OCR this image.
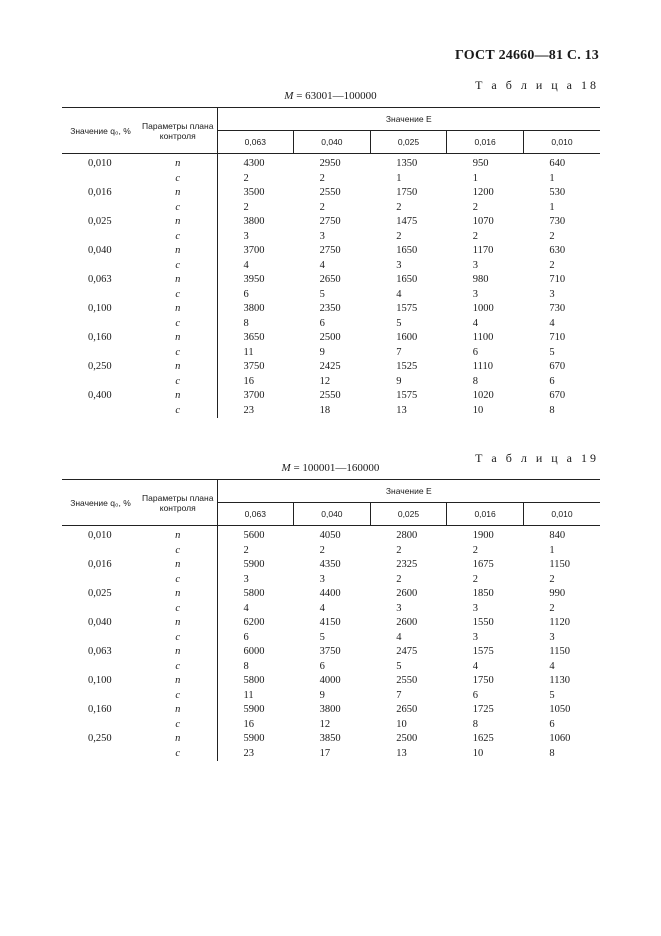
ГОСТ 24660—81 С. 13
Т а б л и ц а 18
M = 63001—100000
Значение q₀, %	Параметры плана контроля	Значение E				
		0,063	0,040	0,025	0,016	0,010
0,010	n	4300	2950	1350	950	640
	c	2	2	1	1	1
0,016	n	3500	2550	1750	1200	530
	c	2	2	2	2	1
0,025	n	3800	2750	1475	1070	730
	c	3	3	2	2	2
0,040	n	3700	2750	1650	1170	630
	c	4	4	3	3	2
0,063	n	3950	2650	1650	980	710
	c	6	5	4	3	3
0,100	n	3800	2350	1575	1000	730
	c	8	6	5	4	4
0,160	n	3650	2500	1600	1100	710
	c	11	9	7	6	5
0,250	n	3750	2425	1525	1110	670
	c	16	12	9	8	6
0,400	n	3700	2550	1575	1020	670
	c	23	18	13	10	8
Т а б л и ц а 19
M = 100001—160000
Значение q₀, %	Параметры плана контроля	Значение E				
		0,063	0,040	0,025	0,016	0,010
0,010	n	5600	4050	2800	1900	840
	c	2	2	2	2	1
0,016	n	5900	4350	2325	1675	1150
	c	3	3	2	2	2
0,025	n	5800	4400	2600	1850	990
	c	4	4	3	3	2
0,040	n	6200	4150	2600	1550	1120
	c	6	5	4	3	3
0,063	n	6000	3750	2475	1575	1150
	c	8	6	5	4	4
0,100	n	5800	4000	2550	1750	1130
	c	11	9	7	6	5
0,160	n	5900	3800	2650	1725	1050
	c	16	12	10	8	6
0,250	n	5900	3850	2500	1625	1060
	c	23	17	13	10	8
